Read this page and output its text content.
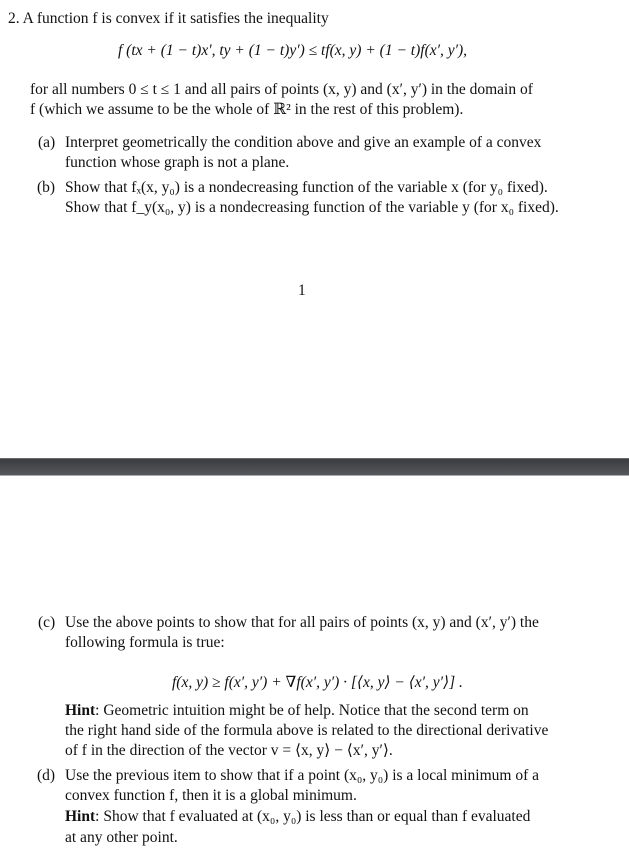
2. A function f is convex if it satisfies the inequality
f (tx + (1 − t)x′, ty + (1 − t)y′) ≤ tf(x, y) + (1 − t)f(x′, y′),
for all numbers 0 ≤ t ≤ 1 and all pairs of points (x, y) and (x′, y′) in the domain of
f (which we assume to be the whole of ℝ² in the rest of this problem).
(a) Interpret geometrically the condition above and give an example of a convex
function whose graph is not a plane.
(b) Show that fₓ(x, y₀) is a nondecreasing function of the variable x (for y₀ fixed).
Show that f_y(x₀, y) is a nondecreasing function of the variable y (for x₀ fixed).
1
(c) Use the above points to show that for all pairs of points (x, y) and (x′, y′) the
following formula is true:
f(x, y) ≥ f(x′, y′) + ∇f(x′, y′) · [⟨x, y⟩ − ⟨x′, y′⟩] .
Hint: Geometric intuition might be of help. Notice that the second term on
the right hand side of the formula above is related to the directional derivative
of f in the direction of the vector v = ⟨x, y⟩ − ⟨x′, y′⟩.
(d) Use the previous item to show that if a point (x₀, y₀) is a local minimum of a
convex function f, then it is a global minimum.
Hint: Show that f evaluated at (x₀, y₀) is less than or equal than f evaluated
at any other point.
